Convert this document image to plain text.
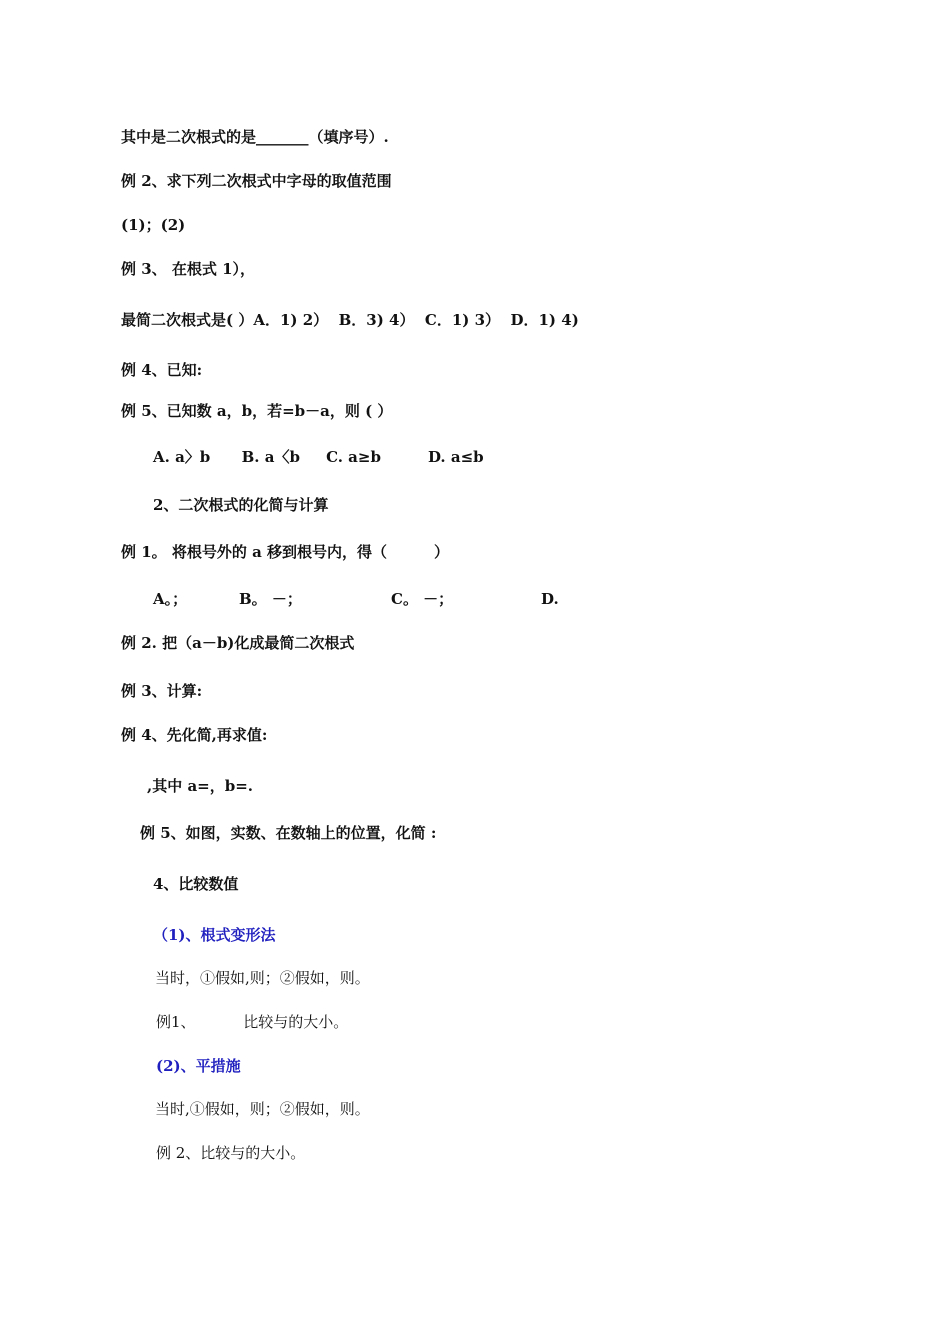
其中是二次根式的是_______（填序号）.
例 2、求下列二次根式中字母的取值范围
(1)；(2)
例 3、 在根式 1），
最简二次根式是( ）A．1) 2）  B．3) 4）  C．1) 3）  D．1) 4)
例 4、已知:
例 5、已知数 a，b，若=b－a，则 ( ）
A. a〉b      B. a〈b     C. a≥b         D. a≤b
2、二次根式的化简与计算
例 1。 将根号外的 a 移到根号内，得（         ）
A。；	B。 －；	C。 －；	D.
例 2. 把（a－b)化成最简二次根式
例 3、计算:
例 4、先化简,再求值:
,其中 a=，b=.
例 5、如图，实数、在数轴上的位置，化简 :
4、比较数值
（1)、根式变形法
当时，①假如,则；②假如，则。
例1、          比较与的大小。
(2)、平措施
当时,①假如，则；②假如，则。
例 2、比较与的大小。
